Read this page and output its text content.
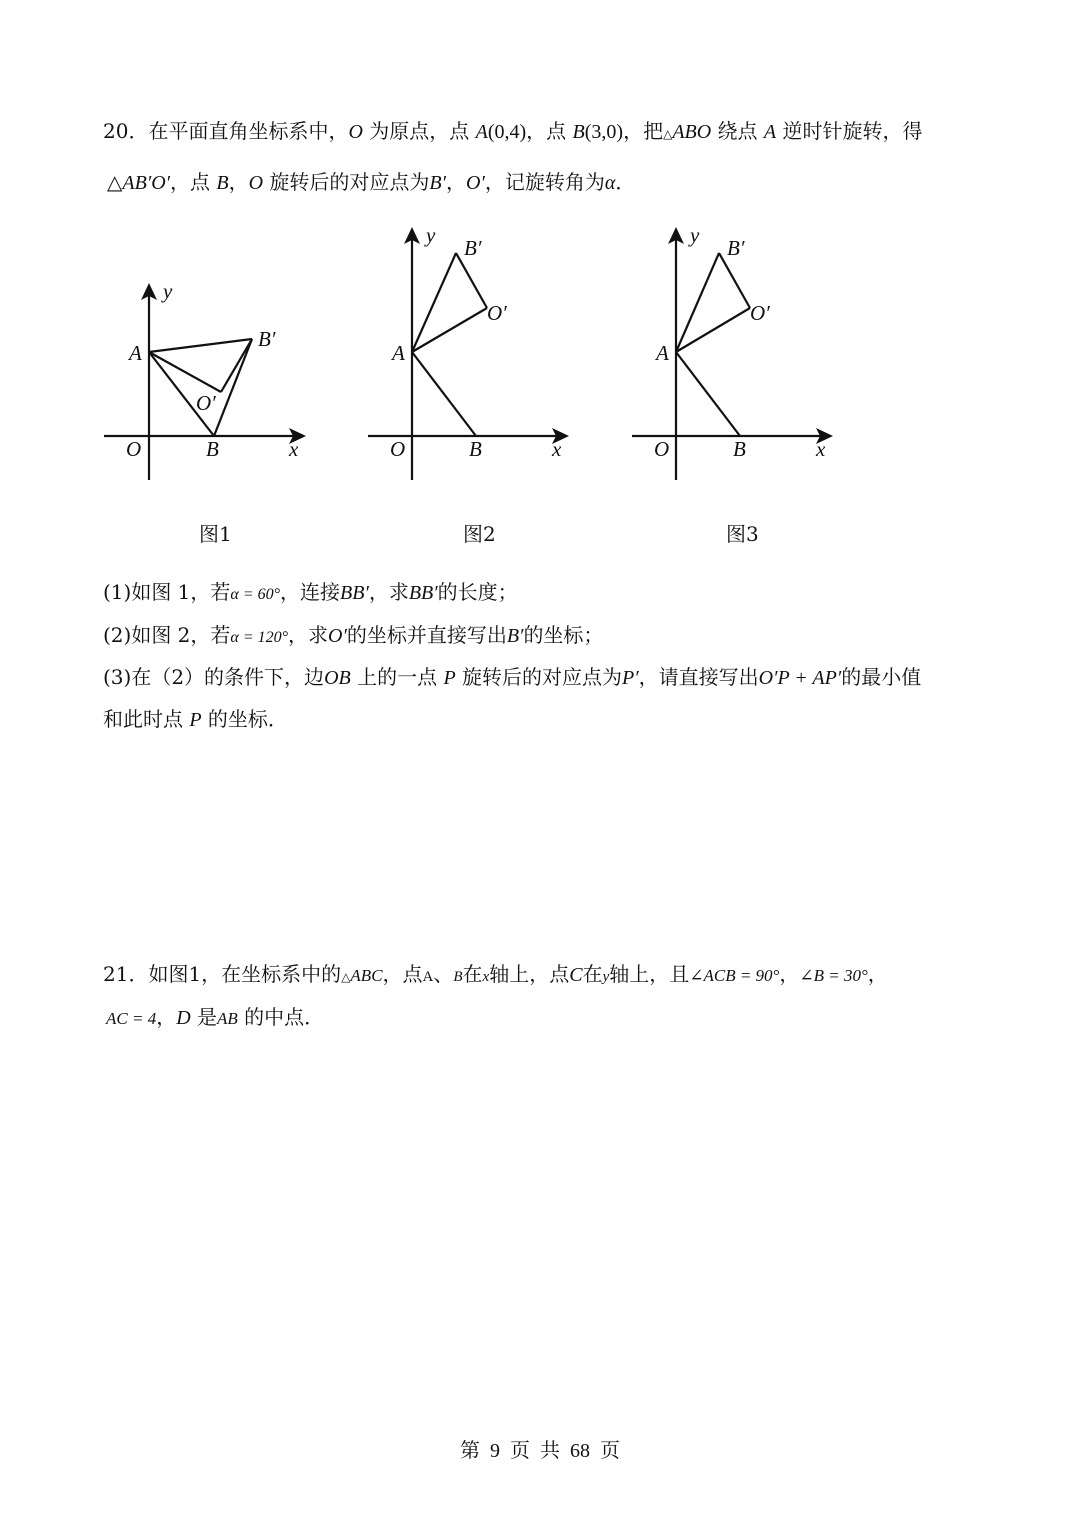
20．在平面直角坐标系中，O 为原点，点 A(0,4)，点 B(3,0)，把△ABO 绕点 A 逆时针旋转，得
△AB′O′，点 B，O 旋转后的对应点为B′，O′，记旋转角为α．
y
A
B′
O′
O	B	x
y
B′
O′
A
O	B	x
y
B′
O′
A
O	B	x
图1	图2	图3
(1)如图 1，若α = 60°，连接BB′，求BB′的长度；
(2)如图 2，若α = 120°，求O′的坐标并直接写出B′的坐标；
(3)在（2）的条件下，边OB 上的一点 P 旋转后的对应点为P′，请直接写出O′P + AP′的最小值
和此时点 P 的坐标．
21．如图1，在坐标系中的△ABC，点A、B在x轴上，点C在y轴上，且∠ACB = 90°，∠B = 30°，
AC = 4，D 是AB 的中点．
第 9 页 共 68 页
